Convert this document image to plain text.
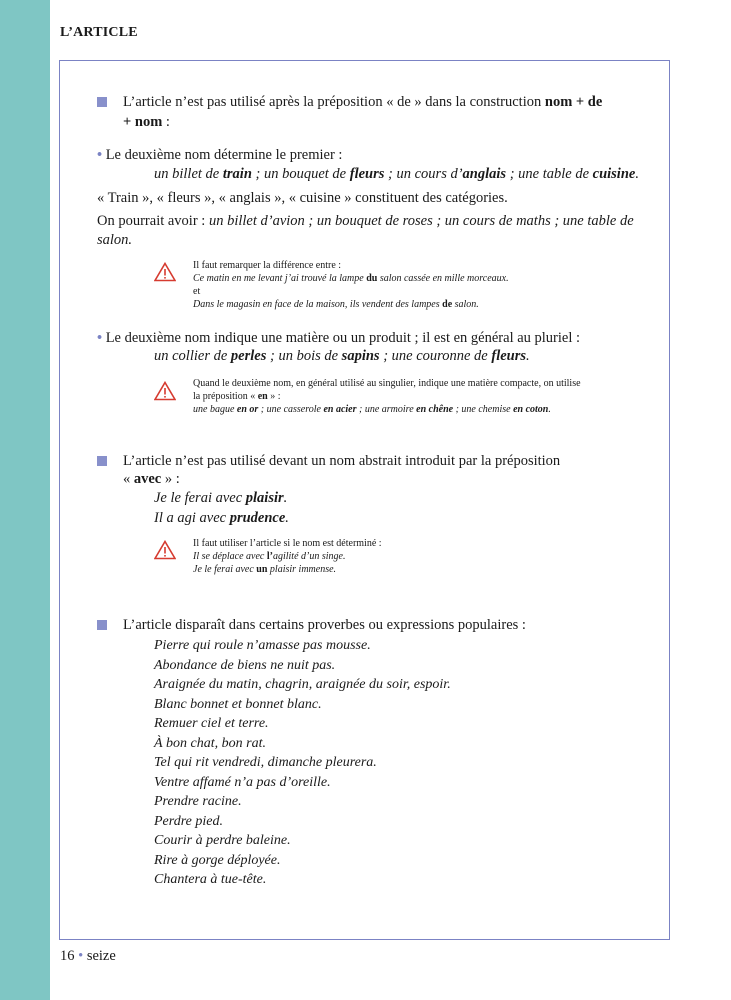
L’ARTICLE

L’article n’est pas utilisé après la préposition « de » dans la construction nom + de

+ nom :

• Le deuxième nom détermine le premier :

un billet de train ; un bouquet de fleurs ; un cours d’anglais ; une table de cuisine.

« Train », « fleurs », « anglais », « cuisine » constituent des catégories.

On pourrait avoir : un billet d’avion ; un bouquet de roses ; un cours de maths ; une table de

salon.

Il faut remarquer la différence entre :
Ce matin en me levant j’ai trouvé la lampe du salon cassée en mille morceaux.
et
Dans le magasin en face de la maison, ils vendent des lampes de salon.

• Le deuxième nom indique une matière ou un produit ; il est en général au pluriel :

un collier de perles ; un bois de sapins ; une couronne de fleurs.

Quand le deuxième nom, en général utilisé au singulier, indique une matière compacte, on utilise
la préposition « en » :
une bague en or ; une casserole en acier ; une armoire en chêne ; une chemise en coton.

L’article n’est pas utilisé devant un nom abstrait introduit par la préposition

« avec » :

Je le ferai avec plaisir.

Il a agi avec prudence.

Il faut utiliser l’article si le nom est déterminé :
Il se déplace avec l’agilité d’un singe.
Je le ferai avec un plaisir immense.

L’article disparaît dans certains proverbes ou expressions populaires :

Pierre qui roule n’amasse pas mousse.
Abondance de biens ne nuit pas.
Araignée du matin, chagrin, araignée du soir, espoir.
Blanc bonnet et bonnet blanc.
Remuer ciel et terre.
À bon chat, bon rat.
Tel qui rit vendredi, dimanche pleurera.
Ventre affamé n’a pas d’oreille.
Prendre racine.
Perdre pied.
Courir à perdre baleine.
Rire à gorge déployée.
Chantera à tue-tête.
16 • seize
